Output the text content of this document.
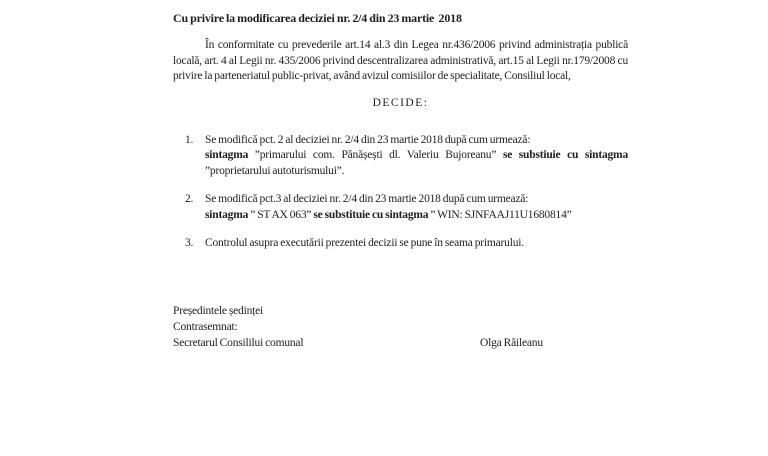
Cu privire la modificarea deciziei nr. 2/4 din 23 martie  2018

În conformitate cu prevederile art.14 al.3 din Legea nr.436/2006 privind administrația publică locală, art. 4 al Legii nr. 435/2006 privind descentralizarea administrativă, art.15 al Legii nr.179/2008 cu privire la parteneriatul public-privat, având avizul comisiilor de specialitate, Consiliul local,

DECIDE:
1.	Se modifică pct. 2 al deciziei nr. 2/4 din 23 martie 2018 după cum urmează:
sintagma ”primarului com. Pănășești dl. Valeriu Bujoreanu” se substiuie cu sintagma ”proprietarului autoturismului”.
2.	Se modifică pct.3 al deciziei nr. 2/4 din 23 martie 2018 după cum urmează:
sintagma ” ST AX 063” se substituie cu sintagma ” WIN: SJNFAAJ11U1680814”
3.	Controlul asupra executării prezentei decizii se pune în seama primarului.
Președintele ședinței
Contrasemnat:
Secretarul Consililui comunal	Olga Răileanu
